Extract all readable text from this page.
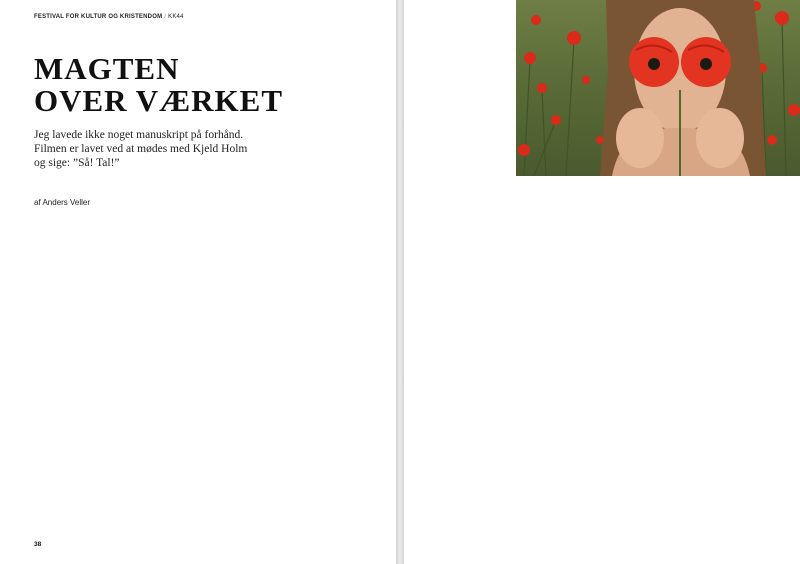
FESTIVAL FOR KULTUR OG KRISTENDOM / KK44
MAGTEN
OVER VÆRKET

Jeg lavede ikke noget manuskript på forhånd.
Filmen er lavet ved at mødes med Kjeld Holm
og sige: ”Så! Tal!”

af Anders Veller
38
